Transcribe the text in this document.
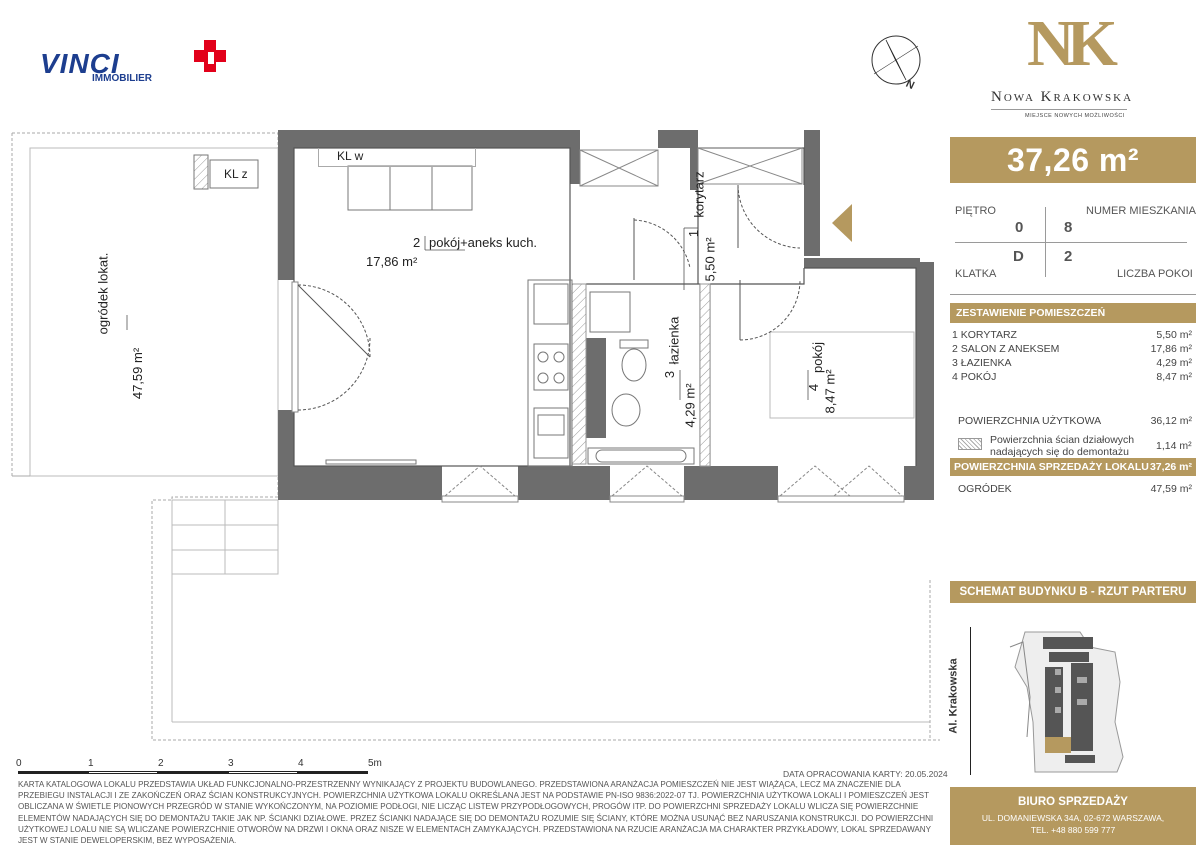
VINCI
IMMOBILIER	N
NK
Nowa Krakowska
MIEJSCE NOWYCH MOŻLIWOŚCI
KL w
KL z
2 pokój+aneks kuch.
17,86 m²
ogródek lokat.
47,59 m²
1
korytarz
5,50 m²
3
łazienka
4,29 m²	4
pokój
8,47 m²
0	1	2	3	4	5m
DATA OPRACOWANIA KARTY: 20.05.2024
KARTA KATALOGOWA LOKALU PRZEDSTAWIA UKŁAD FUNKCJONALNO-PRZESTRZENNY WYNIKAJĄCY Z PROJEKTU BUDOWLANEGO. PRZEDSTAWIONA ARANŻACJA POMIESZCZEŃ NIE JEST WIĄŻĄCA, LECZ MA ZNACZENIE DLA PRZEBIEGU INSTALACJI I ZE ZAKOŃCZEŃ ORAZ ŚCIAN KONSTRUKCYJNYCH. POWIERZCHNIA UŻYTKOWA LOKALU OKREŚLANA JEST NA PODSTAWIE PN-ISO 9836:2022-07 TJ. POWIERZCHNIA UŻYTKOWA LOKALI I POMIESZCZEŃ JEST OBLICZANA W ŚWIETLE PIONOWYCH PRZEGRÓD W STANIE WYKOŃCZONYM, NA POZIOMIE PODŁOGI, NIE LICZĄC LISTEW PRZYPODŁOGOWYCH, PROGÓW ITP. DO POWIERZCHNI SPRZEDAŻY LOKALU WLICZA SIĘ POWIERZCHNIE ELEMENTÓW NADAJĄCYCH SIĘ DO DEMONTAŻU TAKIE JAK NP. ŚCIANKI DZIAŁOWE. PRZEZ ŚCIANKI NADAJĄCE SIĘ DO DEMONTAŻU ROZUMIE SIĘ ŚCIANY, KTÓRE MOŻNA USUNĄĆ BEZ NARUSZANIA KONSTRUKCJI. DO POWIERZCHNI UŻYTKOWEJ LOALU NIE SĄ WLICZANE POWIERZCHNIE OTWORÓW NA DRZWI I OKNA ORAZ NISZE W ELEMENTACH ZAMYKAJĄCYCH. PRZEDSTAWIONA NA RZUCIE ARANŻACJA MA CHARAKTER PRZYKŁADOWY, LOKAL SPRZEDAWANY JEST W STANIE DEWELOPERSKIM, BEZ WYPOSAŻENIA.
37,26 m²
PIĘTRO	NUMER MIESZKANIA
0	8
D	2
KLATKA	LICZBA POKOI
ZESTAWIENIE POMIESZCZEŃ
1 KORYTARZ	5,50 m²
2 SALON Z ANEKSEM	17,86 m²
3 ŁAZIENKA	4,29 m²
4 POKÓJ	8,47 m²
POWIERZCHNIA UŻYTKOWA	36,12 m²
Powierzchnia ścian działowych
nadających się do demontażu	1,14 m²
POWIERZCHNIA SPRZEDAŻY LOKALU 37,26 m²
OGRÓDEK	47,59 m²
SCHEMAT BUDYNKU B - RZUT PARTERU
Al. Krakowska
BIURO SPRZEDAŻY
UL. DOMANIEWSKA 34A, 02-672 WARSZAWA,
TEL. +48 880 599 777
